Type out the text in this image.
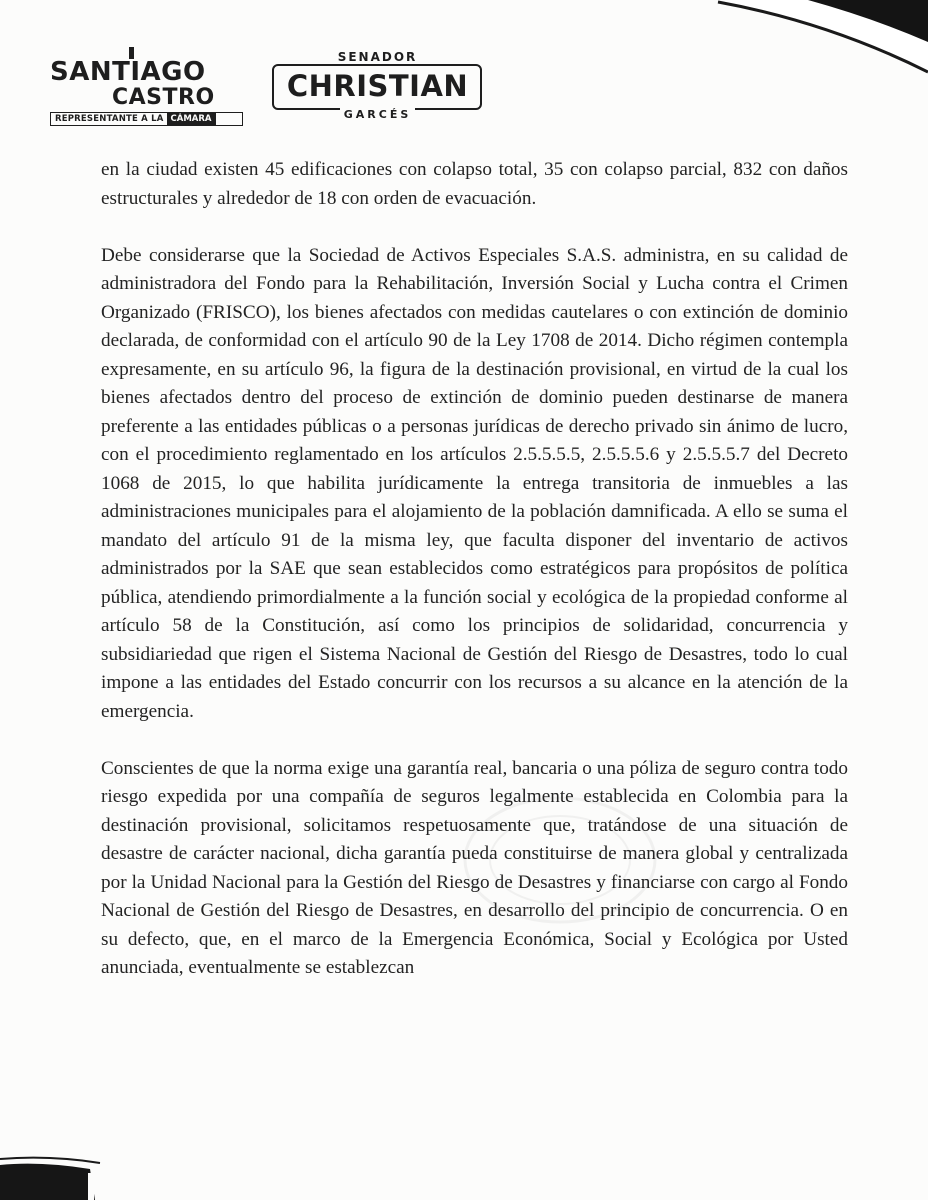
SANTIAGO
CASTRO
REPRESENTANTE A LA CÁMARA
SENADOR
CHRISTIAN
GARCÉS

en la ciudad existen 45 edificaciones con colapso total, 35 con colapso parcial, 832 con daños estructurales y alrededor de 18 con orden de evacuación.

Debe considerarse que la Sociedad de Activos Especiales S.A.S. administra, en su calidad de administradora del Fondo para la Rehabilitación, Inversión Social y Lucha contra el Crimen Organizado (FRISCO), los bienes afectados con medidas cautelares o con extinción de dominio declarada, de conformidad con el artículo 90 de la Ley 1708 de 2014. Dicho régimen contempla expresamente, en su artículo 96, la figura de la destinación provisional, en virtud de la cual los bienes afectados dentro del proceso de extinción de dominio pueden destinarse de manera preferente a las entidades públicas o a personas jurídicas de derecho privado sin ánimo de lucro, con el procedimiento reglamentado en los artículos 2.5.5.5.5, 2.5.5.5.6 y 2.5.5.5.7 del Decreto 1068 de 2015, lo que habilita jurídicamente la entrega transitoria de inmuebles a las administraciones municipales para el alojamiento de la población damnificada. A ello se suma el mandato del artículo 91 de la misma ley, que faculta disponer del inventario de activos administrados por la SAE que sean establecidos como estratégicos para propósitos de política pública, atendiendo primordialmente a la función social y ecológica de la propiedad conforme al artículo 58 de la Constitución, así como los principios de solidaridad, concurrencia y subsidiariedad que rigen el Sistema Nacional de Gestión del Riesgo de Desastres, todo lo cual impone a las entidades del Estado concurrir con los recursos a su alcance en la atención de la emergencia.

Conscientes de que la norma exige una garantía real, bancaria o una póliza de seguro contra todo riesgo expedida por una compañía de seguros legalmente establecida en Colombia para la destinación provisional, solicitamos respetuosamente que, tratándose de una situación de desastre de carácter nacional, dicha garantía pueda constituirse de manera global y centralizada por la Unidad Nacional para la Gestión del Riesgo de Desastres y financiarse con cargo al Fondo Nacional de Gestión del Riesgo de Desastres, en desarrollo del principio de concurrencia. O en su defecto, que, en el marco de la Emergencia Económica, Social y Ecológica por Usted anunciada, eventualmente se establezcan
